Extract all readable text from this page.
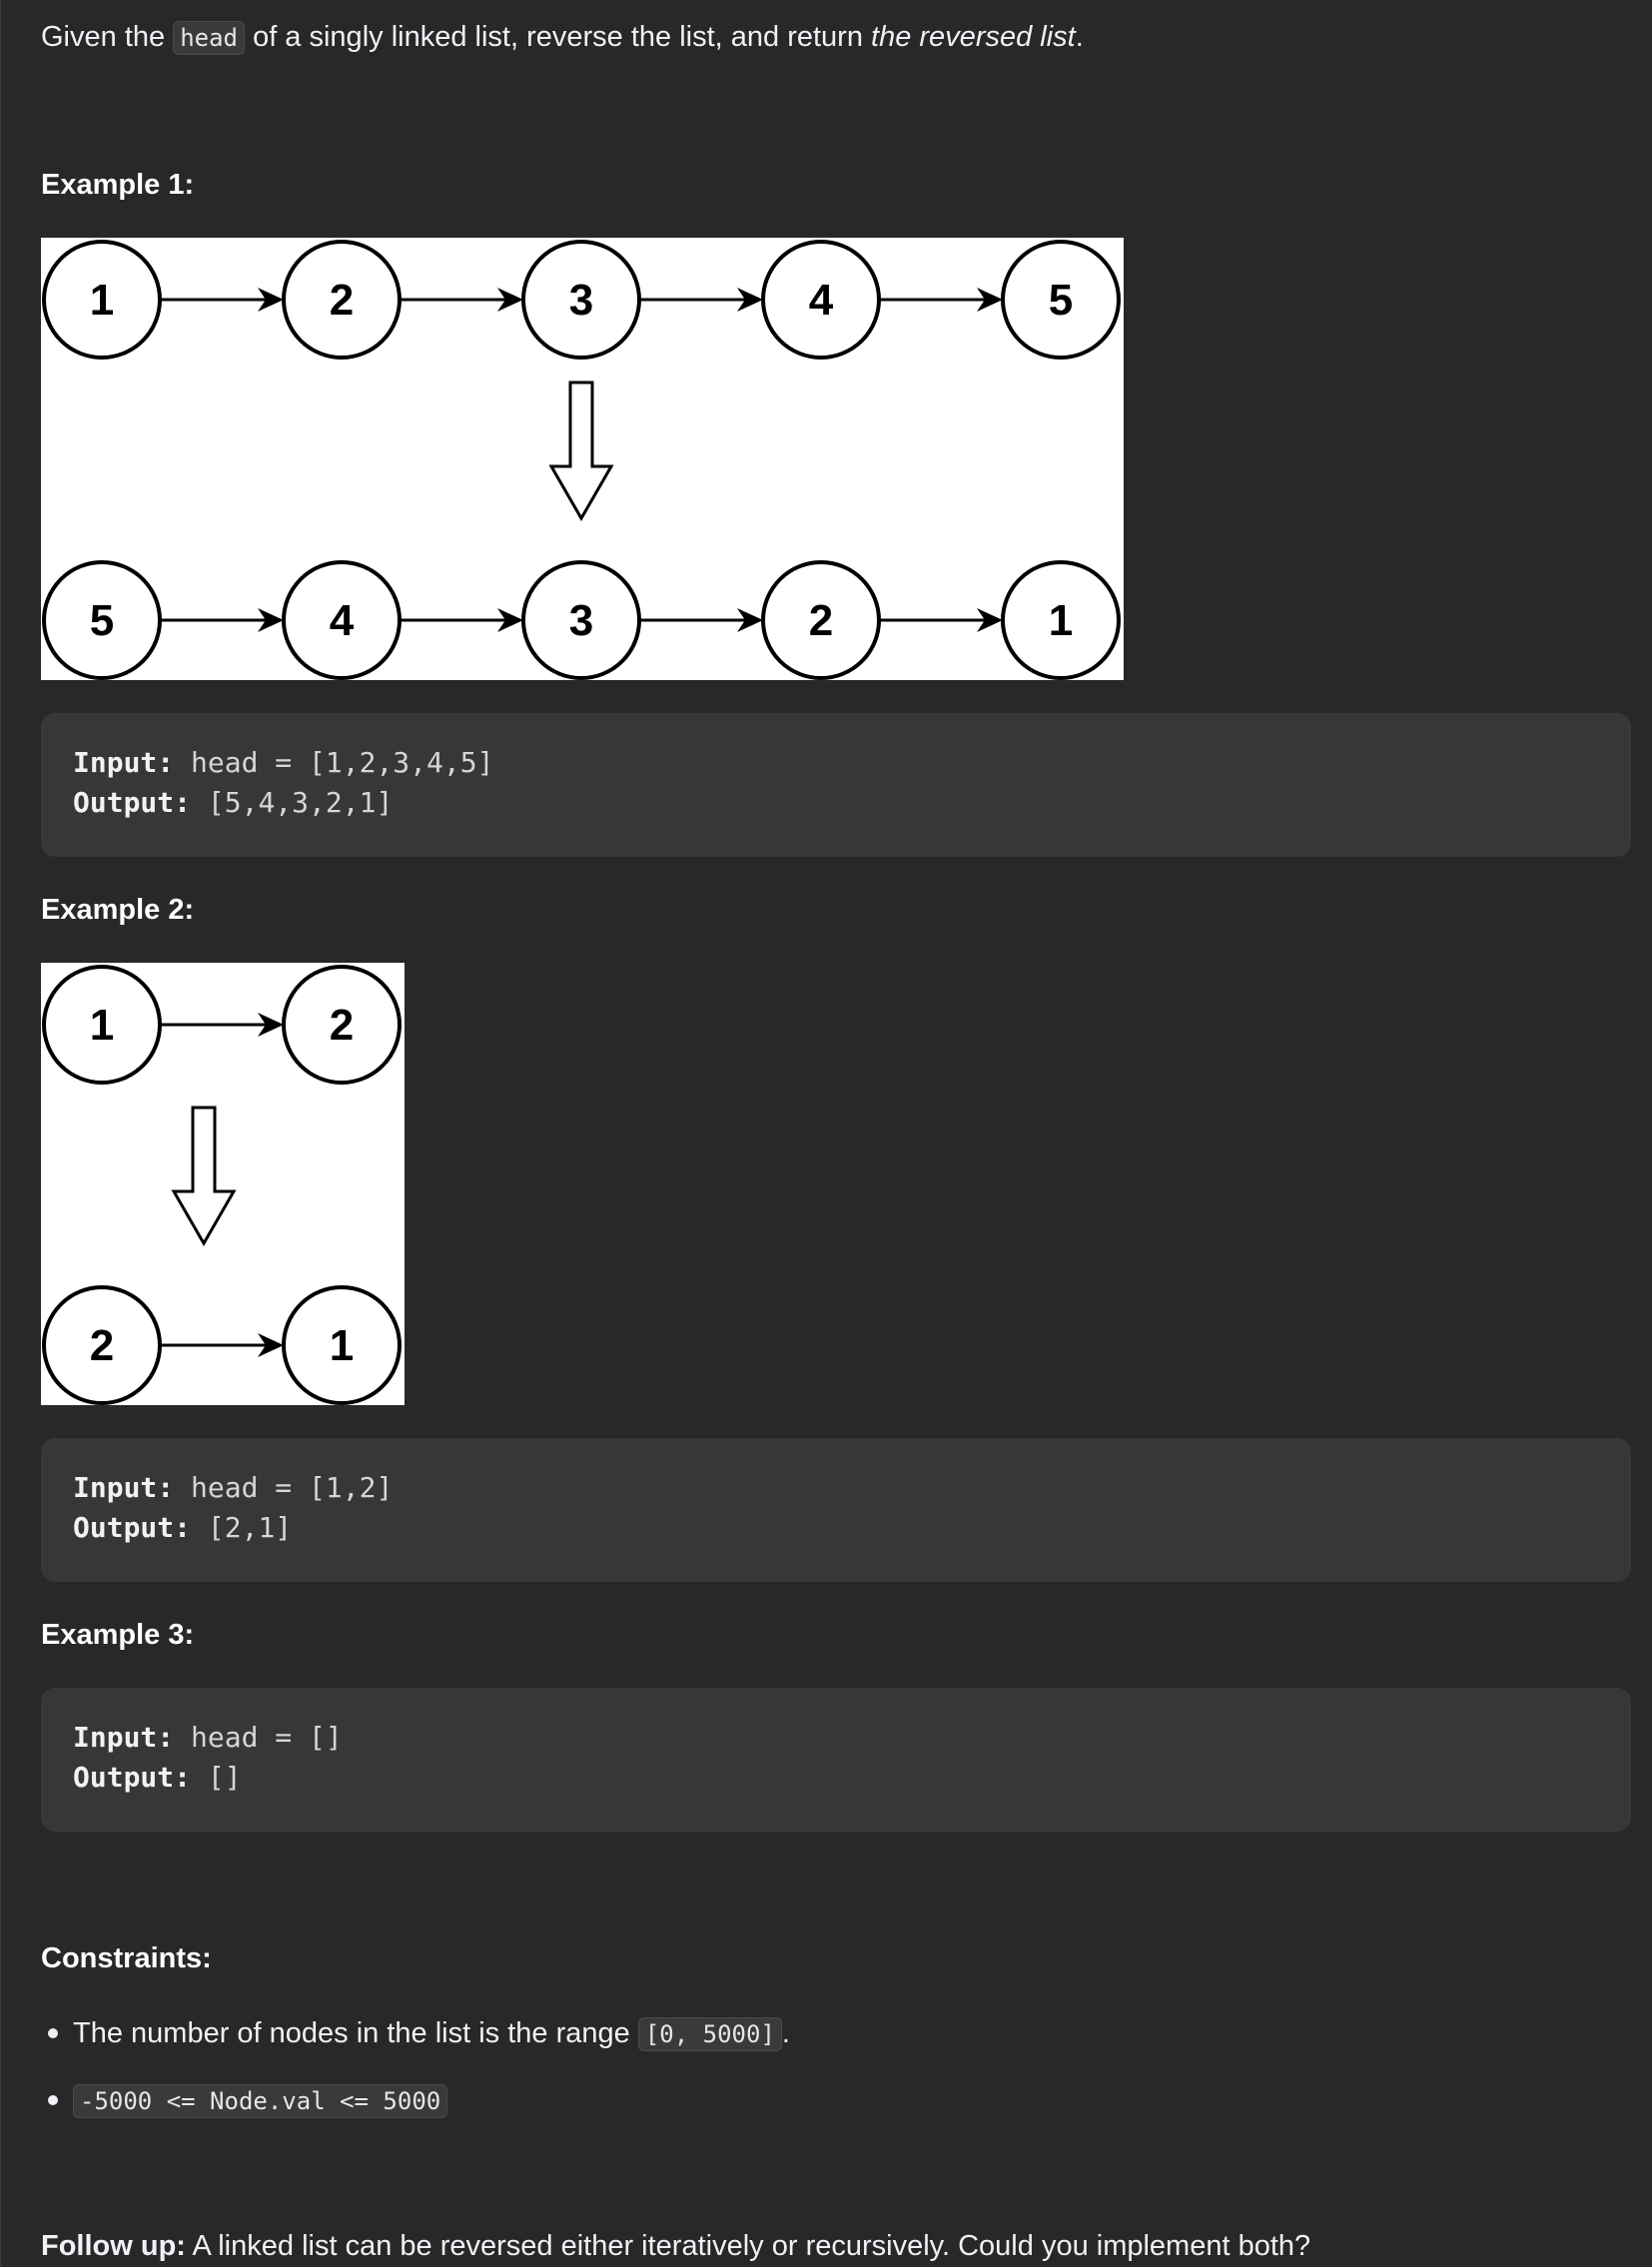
Given the head of a singly linked list, reverse the list, and return the reversed list.
Example 1:
1	2	3	4	5
5	4	3	2	1
Input: head = [1,2,3,4,5]
Output: [5,4,3,2,1]
Example 2:
1	2
2	1
Input: head = [1,2]
Output: [2,1]
Example 3:
Input: head = []
Output: []
Constraints:
The number of nodes in the list is the range [0, 5000] .
-5000 <= Node.val <= 5000
Follow up: A linked list can be reversed either iteratively or recursively. Could you implement both?
